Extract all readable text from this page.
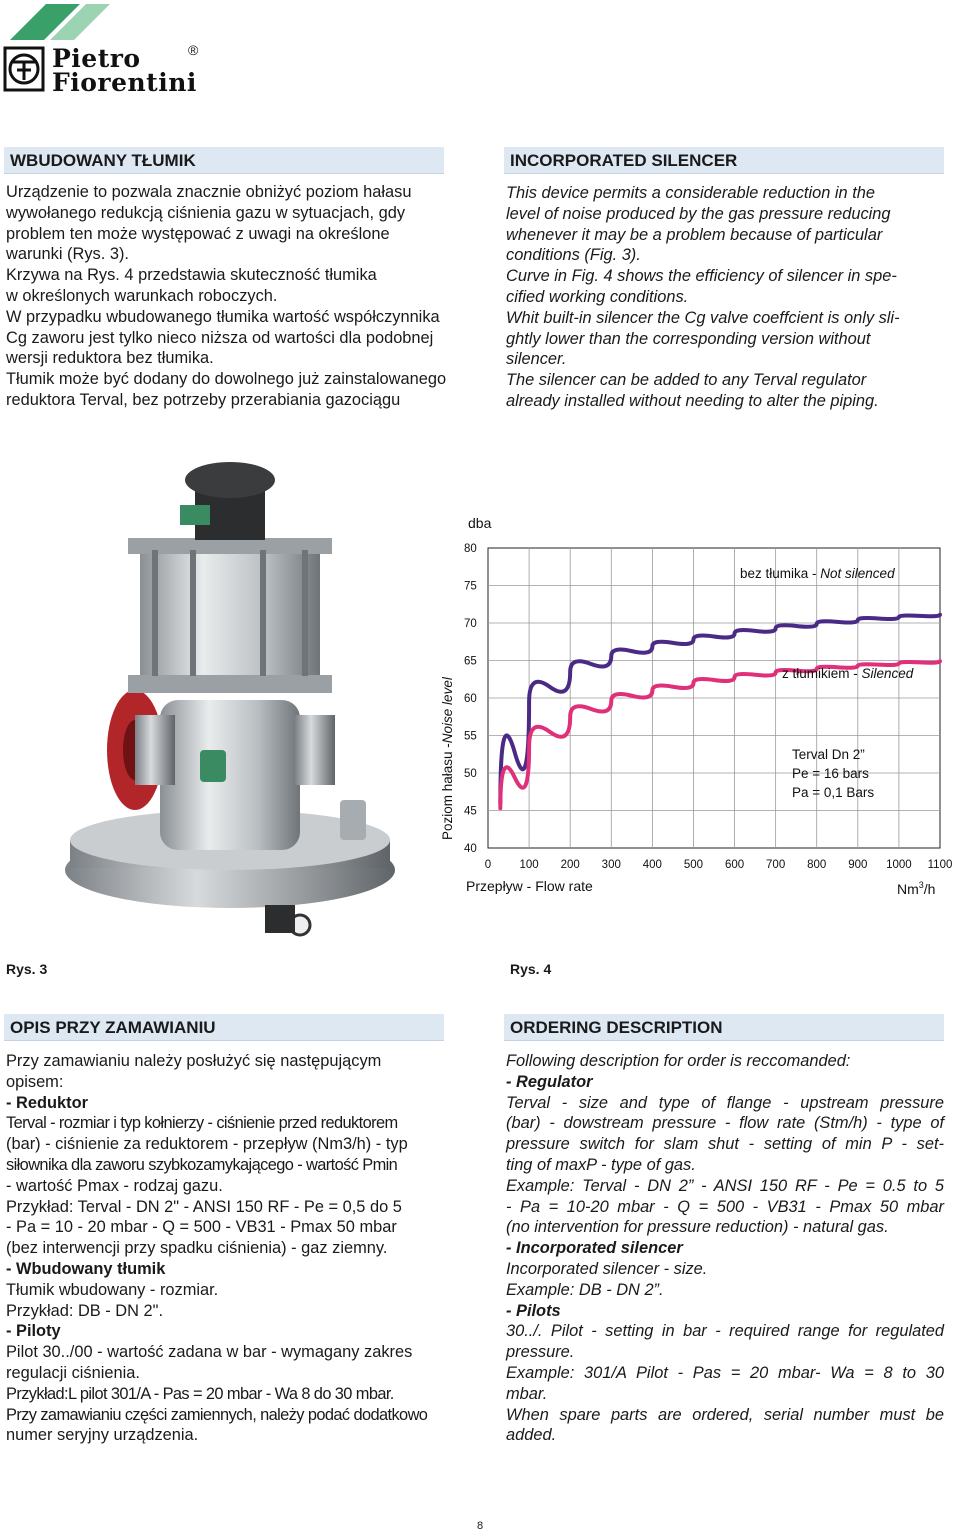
Pietro
Fiorentini
®
WBUDOWANY TŁUMIK
Urządzenie to pozwala znacznie obniżyć poziom hałasu
wywołanego redukcją ciśnienia gazu w sytuacjach, gdy
problem ten może występować z uwagi na określone
warunki (Rys. 3).
Krzywa na Rys. 4 przedstawia skuteczność tłumika
w określonych warunkach roboczych.
W przypadku wbudowanego tłumika wartość współczynnika
Cg zaworu jest tylko nieco niższa od wartości dla podobnej
wersji reduktora bez tłumika.
Tłumik może być dodany do dowolnego już zainstalowanego
reduktora Terval, bez potrzeby przerabiania gazociągu
INCORPORATED SILENCER
This device permits a considerable reduction in the
level of noise produced by the gas pressure reducing
whenever it may be a problem because of particular
conditions (Fig. 3).
Curve in Fig. 4 shows the efficiency of silencer in spe-
cified working conditions.
Whit built-in silencer the Cg valve coeffcient is only sli-
ghtly lower than the corresponding version without
silencer.
The silencer can be added to any Terval regulator
already installed without needing to alter the piping.
dba
80
75
70
65
60
55
50
45
40
0 100 200 300 400 500 600 700 800 900 1000 1100
Poziom hałasu -Noise level
Przepływ - Flow rate	Nm$^3$/h
bez tłumika - Not silenced
z tłumikiem - Silenced
Terval Dn 2”
Pe = 16 bars
Pa = 0,1 Bars
Rys. 3	Rys. 4
OPIS PRZY ZAMAWIANIU
Przy zamawianiu należy posłużyć się następującym
opisem:
- Reduktor
Terval - rozmiar i typ kołnierzy - ciśnienie przed reduktorem
(bar) - ciśnienie za reduktorem - przepływ (Nm3/h) - typ
siłownika dla zaworu szybkozamykającego - wartość Pmin
- wartość Pmax - rodzaj gazu.
Przykład: Terval - DN 2" - ANSI 150 RF - Pe = 0,5 do 5
- Pa = 10 - 20 mbar - Q = 500 - VB31 - Pmax 50 mbar
(bez interwencji przy spadku ciśnienia) - gaz ziemny.
- Wbudowany tłumik
Tłumik wbudowany - rozmiar.
Przykład: DB - DN 2".
- Piloty
Pilot 30../00 - wartość zadana w bar - wymagany zakres
regulacji ciśnienia.
Przykład:L pilot 301/A - Pas = 20 mbar - Wa 8 do 30 mbar.
Przy zamawianiu części zamiennych, należy podać dodatkowo
numer seryjny urządzenia.
ORDERING DESCRIPTION
Following description for order is reccomanded:
- Regulator
Terval - size and type of flange - upstream pressure
(bar) - dowstream pressure - flow rate (Stm/h) - type of
pressure switch for slam shut - setting of min P - set-
ting of maxP - type of gas.
Example: Terval - DN 2” - ANSI 150 RF - Pe = 0.5 to 5
- Pa = 10-20 mbar - Q = 500 - VB31 - Pmax 50 mbar
(no intervention for pressure reduction) - natural gas.
- Incorporated silencer
Incorporated silencer - size.
Example: DB - DN 2”.
- Pilots
30../. Pilot - setting in bar - required range for regulated
pressure.
Example: 301/A Pilot - Pas = 20 mbar- Wa = 8 to 30
mbar.
When spare parts are ordered, serial number must be
added.
8
